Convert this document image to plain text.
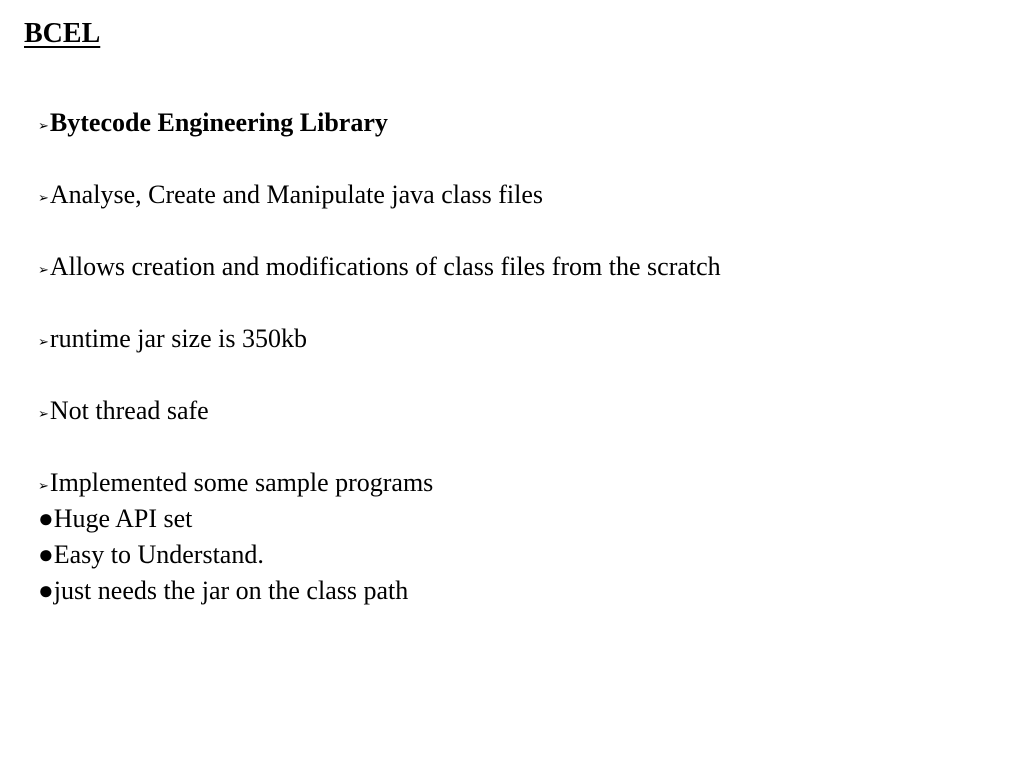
BCEL
➢Bytecode Engineering Library
➢Analyse, Create and Manipulate java class files
➢Allows creation and modifications of class files from the scratch
➢runtime jar size is 350kb
➢Not thread safe
➢Implemented some sample programs
●Huge API set
●Easy to Understand.
●just needs the jar on the class path
